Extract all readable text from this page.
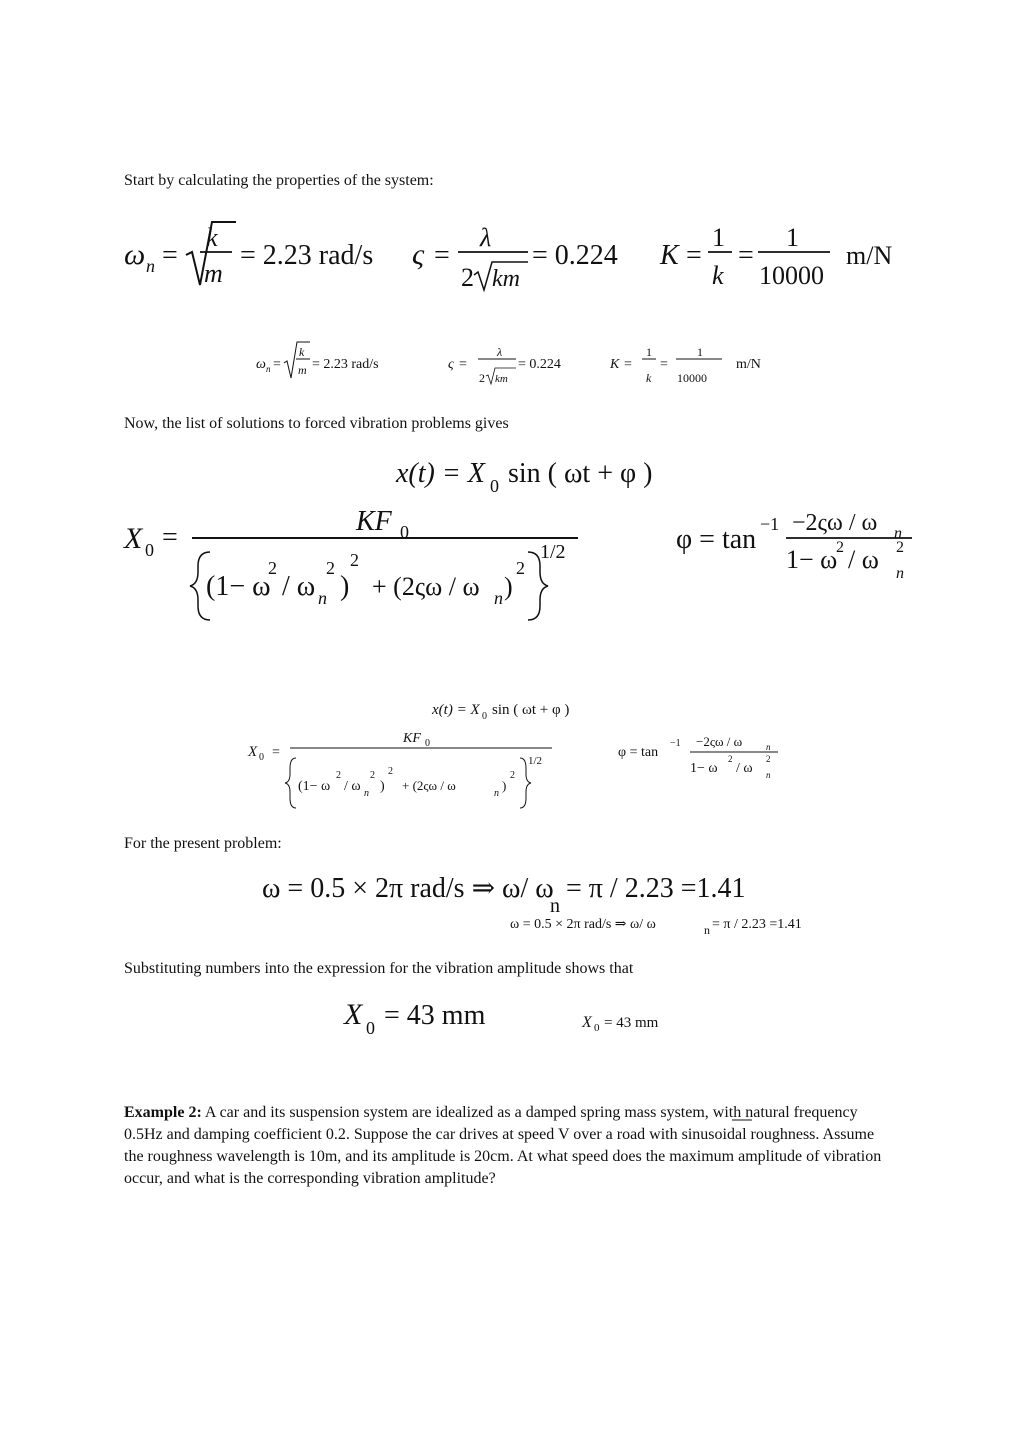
Start by calculating the properties of the system:
Now, the list of solutions to forced vibration problems gives
For the present problem:
Substituting numbers into the expression for the vibration amplitude shows that
Example 2: A car and its suspension system are idealized as a damped spring mass system, with natural frequency 0.5Hz and damping coefficient 0.2. Suppose the car drives at speed V over a road with sinusoidal roughness. Assume the roughness wavelength is 10m, and its amplitude is 20cm. At what speed does the maximum amplitude of vibration occur, and what is the corresponding vibration amplitude?
ω n =
k
m
= 2.23 rad/s ς =
λ
2 km
= 0.224 K =
1
k
=
1
10000
m/N
ω n =
k
m = 2.23 rad/s	ς =
λ
2 km
= 0.224	K =
1
k
=
1
10000
m/N
x(t) = X 0 sin ( ωt + φ )
X 0 =
KF 0
1/2
(1− ω
2
/ ω
2
n )
2
+ (2ςω / ω n )
2
φ = tan −1 −2ςω / ω n
1− ω
2 / ω 2
n
x(t) = X 0 sin ( ωt + φ )
X 0 =
KF 0
1/2
(1− ω
2
/ ω
2
n )
2
+ (2ςω / ω
n
)
2
φ = tan
−1 −2ςω / ω	n
1− ω
2
/ ω
2
n
ω = 0.5 × 2π rad/s ⇒ ω/ ω
n
= π / 2.23 =1.41
ω = 0.5 × 2π rad/s ⇒ ω/ ω	n = π / 2.23 =1.41
X 0 = 43 mm	X 0 = 43 mm
